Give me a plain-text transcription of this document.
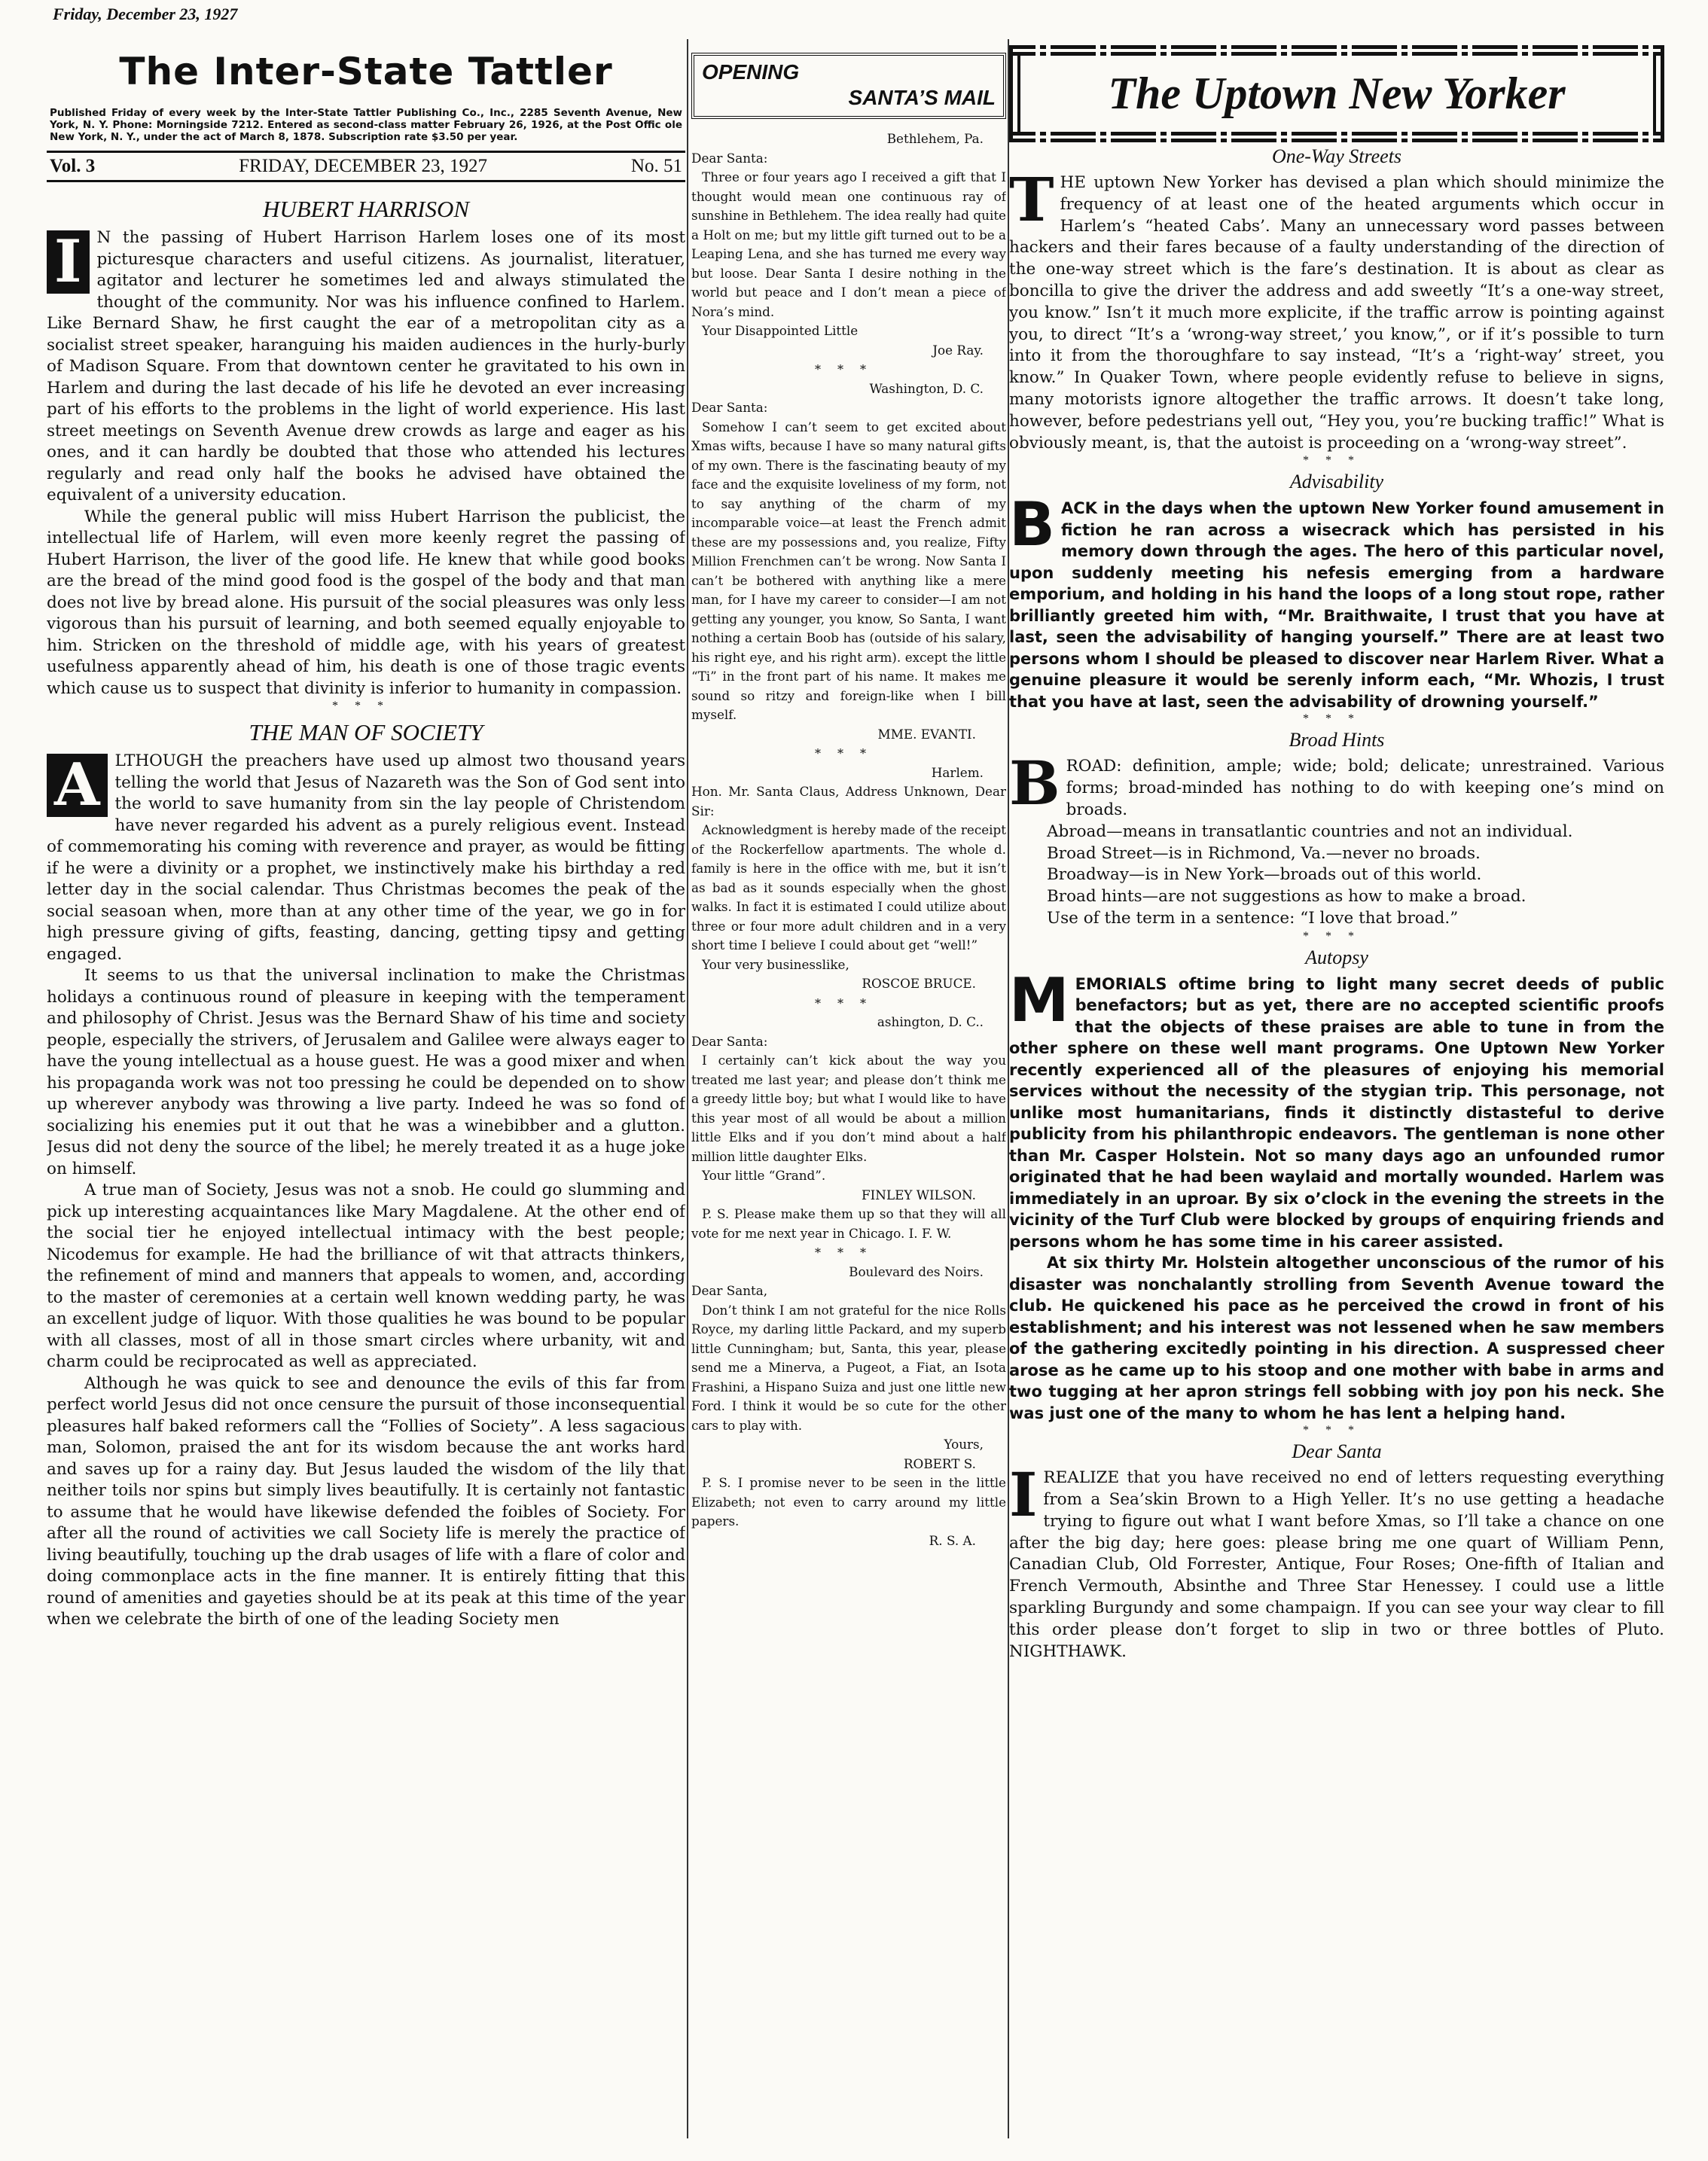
Friday, December 23, 1927
The Inter-State Tattler
Published Friday of every week by the Inter-State Tattler Publishing Co., Inc., 2285 Seventh Avenue, New York, N. Y. Phone: Morningside 7212. Entered as second-class matter February 26, 1926, at the Post Offic ole New York, N. Y., under the act of March 8, 1878. Subscription rate $3.50 per year.
Vol. 3	FRIDAY, DECEMBER 23, 1927	No. 51
HUBERT HARRISON
I N the passing of Hubert Harrison Harlem loses one of its most picturesque characters and useful citizens. As journalist, literatuer, agitator and lecturer he sometimes led and always stimulated the thought of the community. Nor was his influence confined to Harlem. Like Bernard Shaw, he first caught the ear of a metropolitan city as a socialist street speaker, haranguing his maiden audiences in the hurly-burly of Madison Square. From that downtown center he gravitated to his own in Harlem and during the last decade of his life he devoted an ever increasing part of his efforts to the problems in the light of world experience. His last street meetings on Seventh Avenue drew crowds as large and eager as his ones, and it can hardly be doubted that those who attended his lectures regularly and read only half the books he advised have obtained the equivalent of a university education.

While the general public will miss Hubert Harrison the publicist, the intellectual life of Harlem, will even more keenly regret the passing of Hubert Harrison, the liver of the good life. He knew that while good books are the bread of the mind good food is the gospel of the body and that man does not live by bread alone. His pursuit of the social pleasures was only less vigorous than his pursuit of learning, and both seemed equally enjoyable to him. Stricken on the threshold of middle age, with his years of greatest usefulness apparently ahead of him, his death is one of those tragic events which cause us to suspect that divinity is inferior to humanity in compassion.

***
THE MAN OF SOCIETY
A LTHOUGH the preachers have used up almost two thousand years telling the world that Jesus of Nazareth was the Son of God sent into the world to save humanity from sin the lay people of Christendom have never regarded his advent as a purely religious event. Instead of commemorating his coming with reverence and prayer, as would be fitting if he were a divinity or a prophet, we instinctively make his birthday a red letter day in the social calendar. Thus Christmas becomes the peak of the social seasoan when, more than at any other time of the year, we go in for high pressure giving of gifts, feasting, dancing, getting tipsy and getting engaged.

It seems to us that the universal inclination to make the Christmas holidays a continuous round of pleasure in keeping with the temperament and philosophy of Christ. Jesus was the Bernard Shaw of his time and society people, especially the strivers, of Jerusalem and Galilee were always eager to have the young intellectual as a house guest. He was a good mixer and when his propaganda work was not too pressing he could be depended on to show up wherever anybody was throwing a live party. Indeed he was so fond of socializing his enemies put it out that he was a winebibber and a glutton. Jesus did not deny the source of the libel; he merely treated it as a huge joke on himself.

A true man of Society, Jesus was not a snob. He could go slumming and pick up interesting acquaintances like Mary Magdalene. At the other end of the social tier he enjoyed intellectual intimacy with the best people; Nicodemus for example. He had the brilliance of wit that attracts thinkers, the refinement of mind and manners that appeals to women, and, according to the master of ceremonies at a certain well known wedding party, he was an excellent judge of liquor. With those qualities he was bound to be popular with all classes, most of all in those smart circles where urbanity, wit and charm could be reciprocated as well as appreciated.

Although he was quick to see and denounce the evils of this far from perfect world Jesus did not once censure the pursuit of those inconsequential pleasures half baked reformers call the “Follies of Society”. A less sagacious man, Solomon, praised the ant for its wisdom because the ant works hard and saves up for a rainy day. But Jesus lauded the wisdom of the lily that neither toils nor spins but simply lives beautifully. It is certainly not fantastic to assume that he would have likewise defended the foibles of Society. For after all the round of activities we call Society life is merely the practice of living beautifully, touching up the drab usages of life with a flare of color and doing commonplace acts in the fine manner. It is entirely fitting that this round of amenities and gayeties should be at its peak at this time of the year when we celebrate the birth of one of the leading Society men

OPENING
SANTA’S MAIL

Bethlehem, Pa.

Dear Santa:

Three or four years ago I received a gift that I thought would mean one continuous ray of sunshine in Bethlehem. The idea really had quite a Holt on me; but my little gift turned out to be a Leaping Lena, and she has turned me every way but loose. Dear Santa I desire nothing in the world but peace and I don’t mean a piece of Nora’s mind.

Your Disappointed Little

Joe Ray.

***

Washington, D. C.

Dear Santa:

Somehow I can’t seem to get excited about Xmas wifts, because I have so many natural gifts of my own. There is the fascinating beauty of my face and the exquisite loveliness of my form, not to say anything of the charm of my incomparable voice—at least the French admit these are my possessions and, you realize, Fifty Million Frenchmen can’t be wrong. Now Santa I can’t be bothered with anything like a mere man, for I have my career to consider—I am not getting any younger, you know, So Santa, I want nothing a certain Boob has (outside of his salary, his right eye, and his right arm). except the little “Ti” in the front part of his name. It makes me sound so ritzy and foreign-like when I bill myself.

MME. EVANTI.

***

Harlem.

Hon. Mr. Santa Claus, Address Unknown, Dear Sir:

Acknowledgment is hereby made of the receipt of the Rockerfellow apartments. The whole d. family is here in the office with me, but it isn’t as bad as it sounds especially when the ghost walks. In fact it is estimated I could utilize about three or four more adult children and in a very short time I believe I could about get “well!”

Your very businesslike,

ROSCOE BRUCE.

***

ashington, D. C..

Dear Santa:

I certainly can’t kick about the way you treated me last year; and please don’t think me a greedy little boy; but what I would like to have this year most of all would be about a million little Elks and if you don’t mind about a half million little daughter Elks.

Your little “Grand”.

FINLEY WILSON.

P. S. Please make them up so that they will all vote for me next year in Chicago. I. F. W.

***

Boulevard des Noirs.

Dear Santa,

Don’t think I am not grateful for the nice Rolls Royce, my darling little Packard, and my superb little Cunningham; but, Santa, this year, please send me a Minerva, a Pugeot, a Fiat, an Isota Frashini, a Hispano Suiza and just one little new Ford. I think it would be so cute for the other cars to play with.

Yours,

ROBERT S.

P. S. I promise never to be seen in the little Elizabeth; not even to carry around my little papers.

R. S. A.

The Uptown New Yorker
One-Way Streets
T HE uptown New Yorker has devised a plan which should minimize the frequency of at least one of the heated arguments which occur in Harlem’s “heated Cabs’. Many an unnecessary word passes between hackers and their fares because of a faulty understanding of the direction of the one-way street which is the fare’s destination. It is about as clear as boncilla to give the driver the address and add sweetly “It’s a one-way street, you know.” Isn’t it much more explicite, if the traffic arrow is pointing against you, to direct “It’s a ‘wrong-way street,’ you know,”, or if it’s possible to turn into it from the thoroughfare to say instead, “It’s a ‘right-way’ street, you know.” In Quaker Town, where people evidently refuse to believe in signs, many motorists ignore altogether the traffic arrows. It doesn’t take long, however, before pedestrians yell out, “Hey you, you’re bucking traffic!” What is obviously meant, is, that the autoist is proceeding on a ‘wrong-way street”.

***
Advisability
B ACK in the days when the uptown New Yorker found amusement in fiction he ran across a wisecrack which has persisted in his memory down through the ages. The hero of this particular novel, upon suddenly meeting his nefesis emerging from a hardware emporium, and holding in his hand the loops of a long stout rope, rather brilliantly greeted him with, “Mr. Braithwaite, I trust that you have at last, seen the advisability of hanging yourself.” There are at least two persons whom I should be pleased to discover near Harlem River. What a genuine pleasure it would be serenly inform each, “Mr. Whozis, I trust that you have at last, seen the advisability of drowning yourself.”

***
Broad Hints
B ROAD: definition, ample; wide; bold; delicate; unrestrained. Various forms; broad-minded has nothing to do with keeping one’s mind on broads.

Abroad—means in transatlantic countries and not an individual.

Broad Street—is in Richmond, Va.—never no broads.

Broadway—is in New York—broads out of this world.

Broad hints—are not suggestions as how to make a broad.

Use of the term in a sentence: “I love that broad.”

***
Autopsy
M EMORIALS oftime bring to light many secret deeds of public benefactors; but as yet, there are no accepted scientific proofs that the objects of these praises are able to tune in from the other sphere on these well mant programs. One Uptown New Yorker recently experienced all of the pleasures of enjoying his memorial services without the necessity of the stygian trip. This personage, not unlike most humanitarians, finds it distinctly distasteful to derive publicity from his philanthropic endeavors. The gentleman is none other than Mr. Casper Holstein. Not so many days ago an unfounded rumor originated that he had been waylaid and mortally wounded. Harlem was immediately in an uproar. By six o’clock in the evening the streets in the vicinity of the Turf Club were blocked by groups of enquiring friends and persons whom he has some time in his career assisted.

At six thirty Mr. Holstein altogether unconscious of the rumor of his disaster was nonchalantly strolling from Seventh Avenue toward the club. He quickened his pace as he perceived the crowd in front of his establishment; and his interest was not lessened when he saw members of the gathering excitedly pointing in his direction. A suspressed cheer arose as he came up to his stoop and one mother with babe in arms and two tugging at her apron strings fell sobbing with joy pon his neck. She was just one of the many to whom he has lent a helping hand.

***
Dear Santa
I REALIZE that you have received no end of letters requesting everything from a Sea’skin Brown to a High Yeller. It’s no use getting a headache trying to figure out what I want before Xmas, so I’ll take a chance on one after the big day; here goes: please bring me one quart of William Penn, Canadian Club, Old Forrester, Antique, Four Roses; One-fifth of Italian and French Vermouth, Absinthe and Three Star Henessey. I could use a little sparkling Burgundy and some champaign. If you can see your way clear to fill this order please don’t forget to slip in two or three bottles of Pluto. NIGHTHAWK.
